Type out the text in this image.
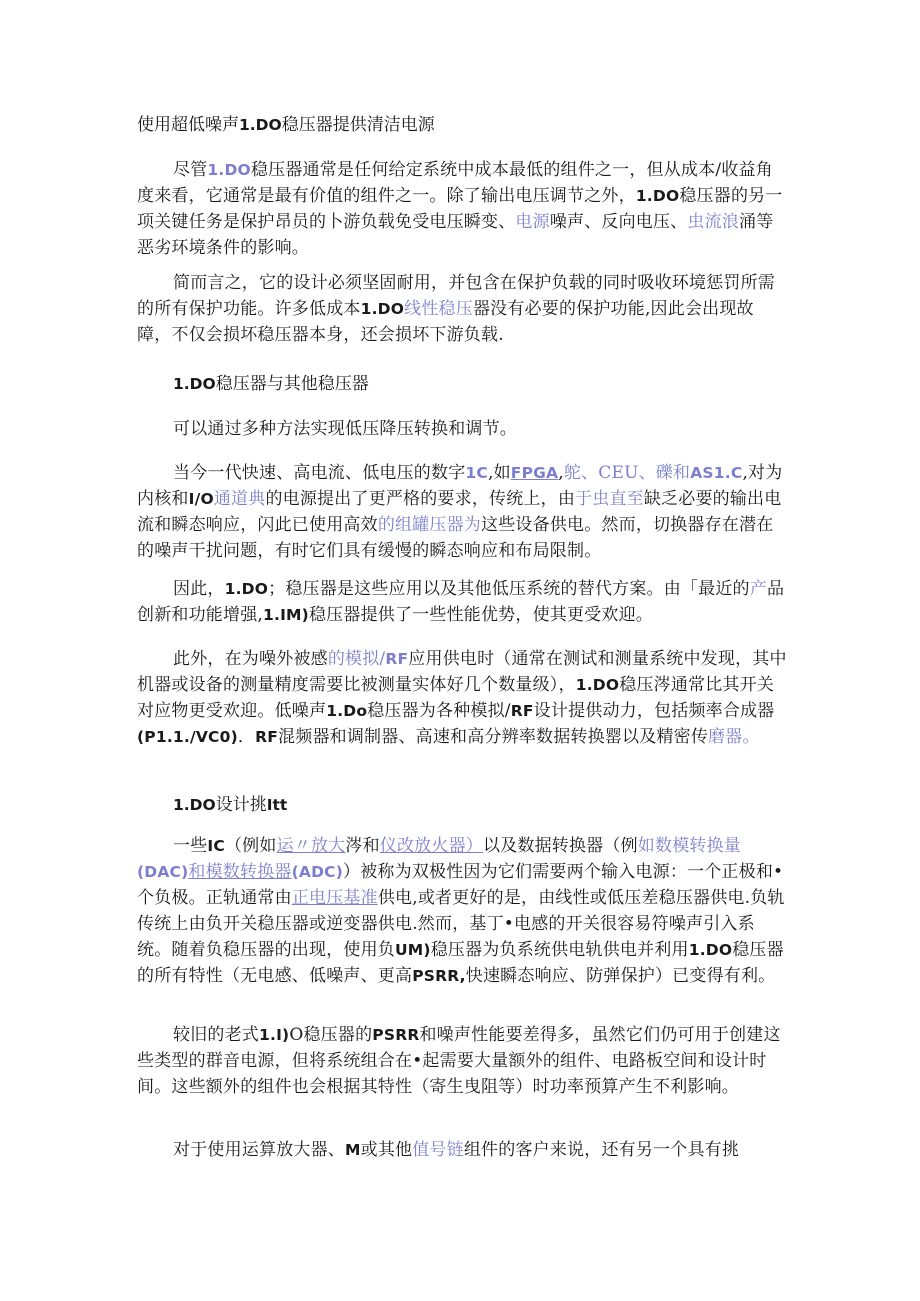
使用超低噪声1.DO稳压器提供清洁电源

尽管1.DO稳压器通常是任何给定系统中成本最低的组件之一，但从成本/收益角度来看，它通常是最有价值的组件之一。除了输出电压调节之外，1.DO稳压器的另一项关键任务是保护昂员的卜游负载免受电压瞬变、电源噪声、反向电压、虫流浪涌等恶劣环境条件的影响。

简而言之，它的设计必须坚固耐用，并包含在保护负载的同时吸收环境惩罚所需的所有保护功能。许多低成本1.DO线性稳压器没有必要的保护功能,因此会出现故障，不仅会损坏稳压器本身，还会损坏下游负载.

1.DO稳压器与其他稳压器

可以通过多种方法实现低压降压转换和调节。

当今一代快速、高电流、低电压的数字1C,如FPGA,鸵、CEU、礫和AS1.C,对为内核和I/O通道典的电源提出了更严格的要求，传统上，由于虫直至缺乏必要的输出电流和瞬态响应，闪此已使用高效的组罐压器为这些设备供电。然而，切换器存在潜在的噪声干扰问题，有时它们具有缓慢的瞬态响应和布局限制。

因此，1.DO；稳压器是这些应用以及其他低压系统的替代方案。由「最近的产品创新和功能增强,1.IM)稳压器提供了一些性能优势，使其更受欢迎。

此外，在为噪外被感的模拟/RF应用供电时（通常在测试和测量系统中发现，其中机器或设备的测量精度需要比被测量实体好几个数量级），1.DO稳压涔通常比其开关对应物更受欢迎。低噪声1.Do稳压器为各种模拟/RF设计提供动力，包括频率合成器(P1.1./VC0)．RF混频器和调制器、高速和高分辨率数据转换罂以及精密传磨器。

1.DO设计挑Itt

一些IC（例如运〃放大涔和仪改放火器）以及数据转换器（例如数模转换量(DAC)和模数转换器(ADC)）被称为双极性因为它们需要两个输入电源：一个正极和•个负极。正轨通常由正电压基准供电,或者更好的是，由线性或低压差稳压器供电.负轨传统上由负开关稳压器或逆变器供电.然而，基丁•电感的开关很容易符噪声引入系统。随着负稳压器的出现，使用负UM)稳压器为负系统供电轨供电并利用1.DO稳压器的所有特性（无电感、低噪声、更高PSRR,快速瞬态响应、防弹保护）已变得有利。

较旧的老式1.I)O稳压器的PSRR和噪声性能要差得多，虽然它们仍可用于创建这些类型的群音电源，但将系统组合在•起需要大量额外的组件、电路板空间和设计时间。这些额外的组件也会根据其特性（寄生曳阻等）时功率预算产生不利影响。

对于使用运算放大器、M或其他值号链组件的客户来说，还有另一个具有挑
